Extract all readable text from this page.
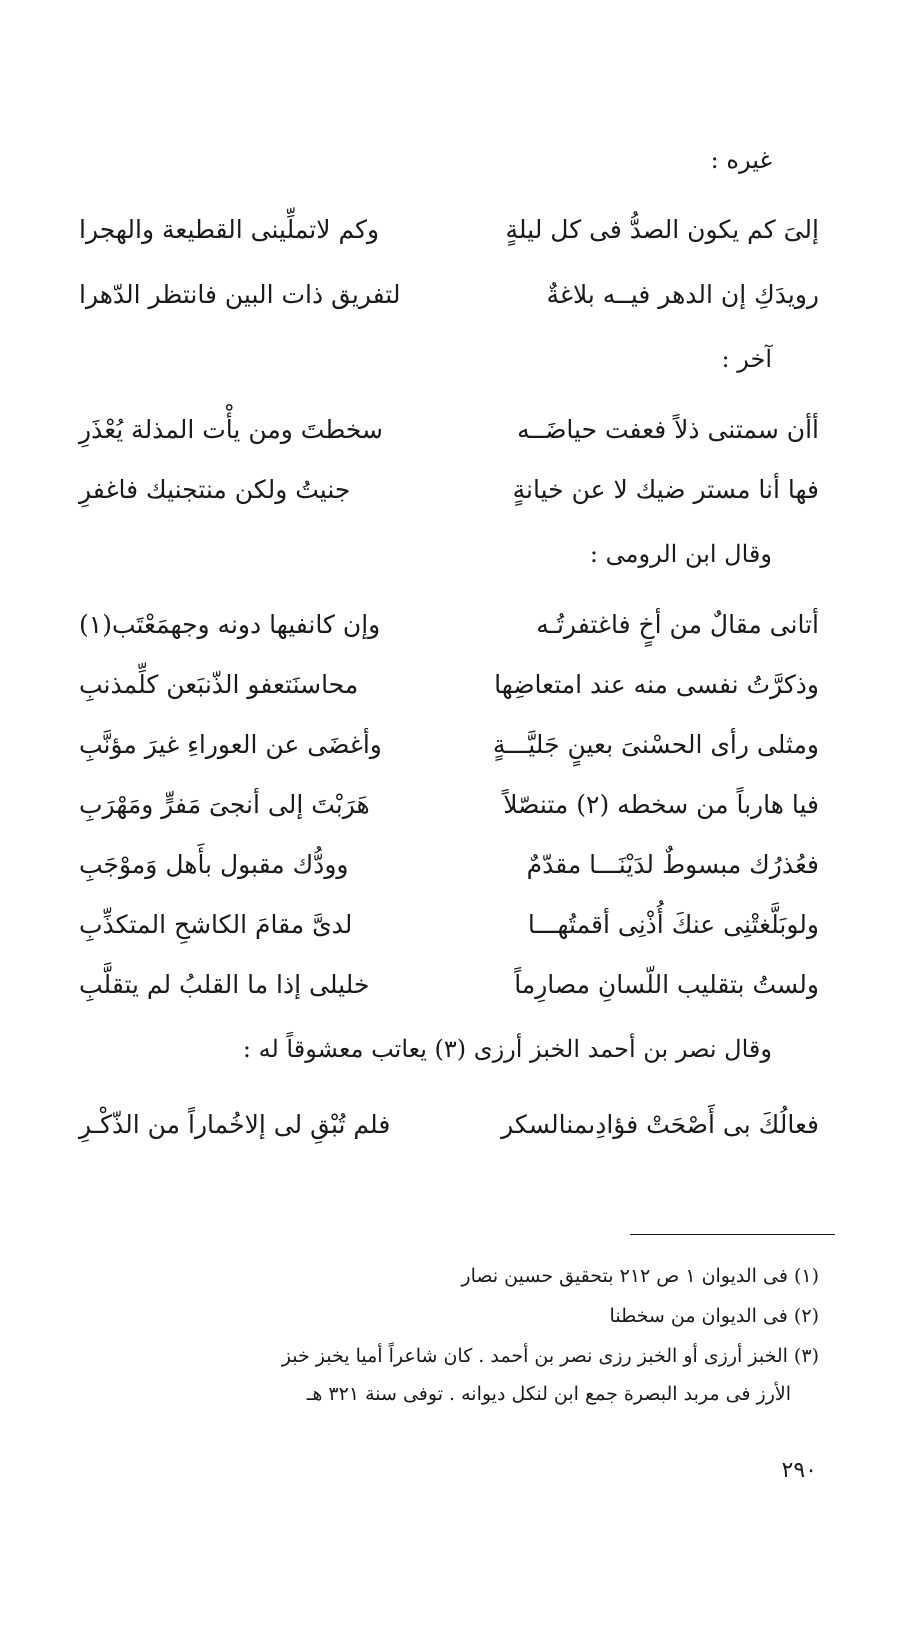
غيره :
إلىَ كم يكون الصدُّ فى كل ليلةٍ
وكم لاتملِّينى القطيعة والهجرا
رويدَكِ إن الدهر فيــه بلاغةٌ
لتفريق ذات البين فانتظر الدّهرا
آخر :
أأن سمتنى ذلاً فعفت حياضَــه
سخطتَ ومن يأْت المذلة يُعْذَرِ
فها أنا مستر ضيك لا عن خيانةٍ
جنيتُ ولكن منتجنيك فاغفرِ
وقال ابن الرومى :
أتانى مقالٌ من أخٍ فاغتفرتُـه
وإن كانفيها دونه وجهمَعْتَب(١)
وذكرَّتُ نفسى منه عند امتعاضِها
محاسنَتعفو الذّنبَعن كلِّمذنبِ
ومثلى رأى الحسْنىَ بعينٍ جَليَّـــةٍ
وأغضَى عن العوراءِ غيرَ مؤنَّبِ
فيا هارباً من سخطه (٢) متنصّلاً
هَرَبْتَ إلى أنجىَ مَفرٍّ ومَهْرَبِ
فعُذرُك مبسوطٌ لدَيْنَـــا مقدّمٌ
وودُّك مقبول بأَهل وَموْجَبِ
ولوبَلَّغتْنِى عنكَ أُذْنِى أقمتُهـــا
لدىَّ مقامَ الكاشحِ المتكذِّبِ
ولستُ بتقليب اللّسانِ مصارِماً
خليلى إذا ما القلبُ لم يتقلَّبِ
وقال نصر بن أحمد الخبز أرزى (٣) يعاتب معشوقاً له :
فعالُكَ بى أَصْحَتْ فؤادِىمنالسكر
فلم تُبْقِ لى إلاخُماراً من الذّكْـرِ
(١) فى الديوان ١ ص ٢١٢ بتحقيق حسين نصار
(٢) فى الديوان من سخطنا
(٣) الخبز أرزى أو الخبز رزى نصر بن أحمد . كان شاعراً أميا يخبز خبز
الأرز فى مربد البصرة جمع ابن لنكل ديوانه . توفى سنة ٣٢١ هـ
٢٩٠
